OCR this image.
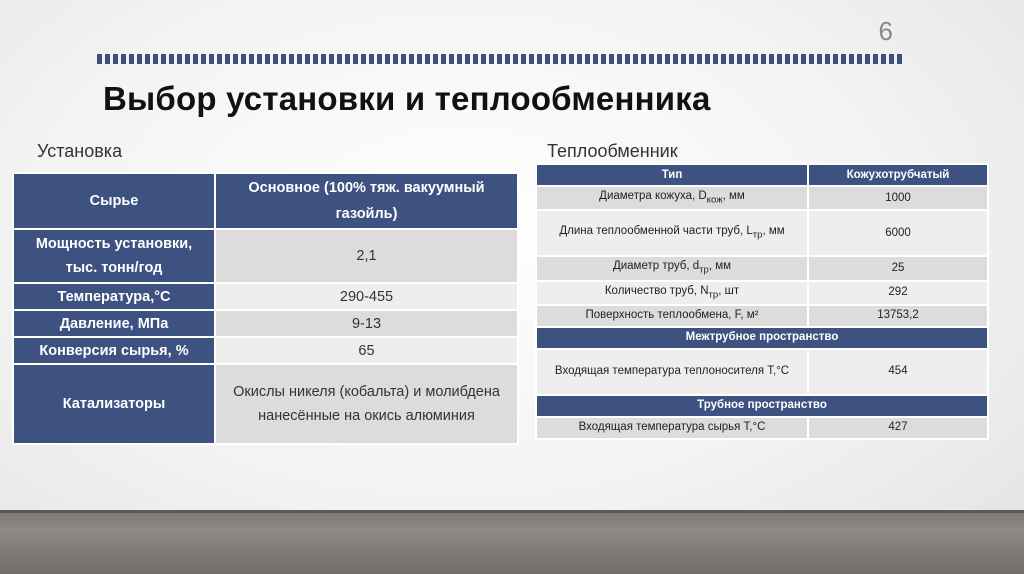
6
Выбор установки и теплообменника
Установка	Теплообменник
Сырье	Основное (100% тяж. вакуумный газойль)
Мощность установки, тыс. тонн/год	2,1
Температура,°С	290-455
Давление, МПа	9-13
Конверсия сырья, %	65
Катализаторы	Окислы никеля (кобальта) и молибдена нанесённые на окись алюминия
Тип	Кожухотрубчатый
Диаметра кожуха, $D_{кож}$, мм	1000
Длина теплообменной части труб, $L_{тр}$, мм	6000
Диаметр труб, $d_{тр}$, мм	25
Количество труб, $N_{тр}$, шт	292
Поверхность теплообмена, F, м²	13753,2
Межтрубное пространство	
Входящая температура теплоносителя T,°C	454
Трубное пространство	
Входящая температура сырья T,°C	427
